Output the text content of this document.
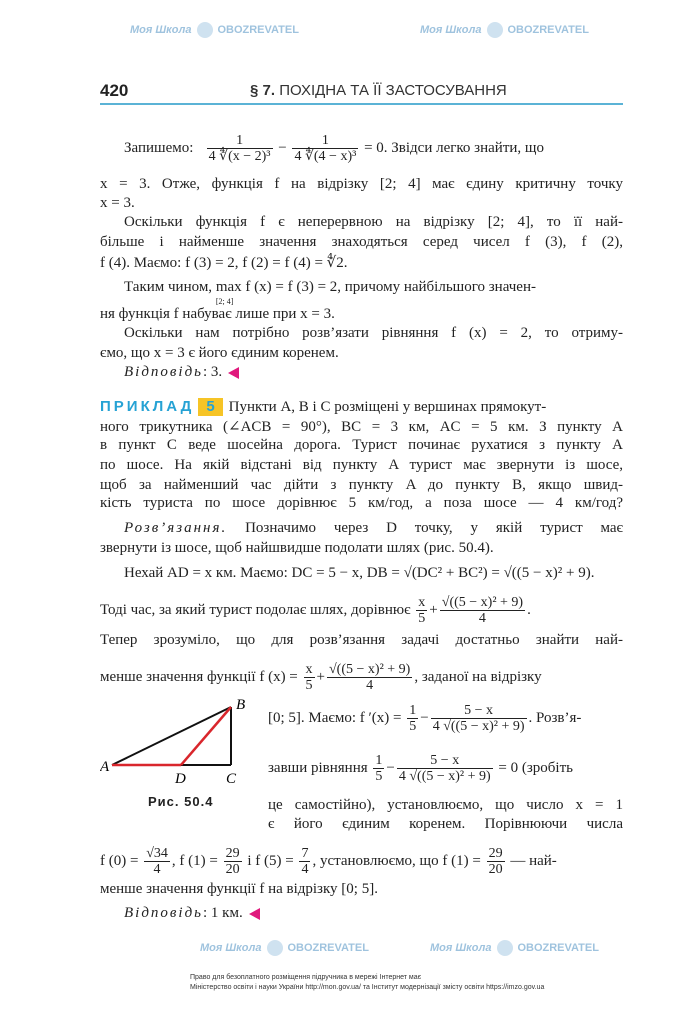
Моя Школа OBOZREVATEL	Моя Школа OBOZREVATEL
Моя Школа OBOZREVATEL	Моя Школа OBOZREVATEL
420	§ 7. ПОХІДНА ТА ЇЇ ЗАСТОСУВАННЯ
Запишемо: $\frac{1}{\text{4 ∜(x − 2)³}} - \frac{1}{\text{4 ∜(4 − x)³}} = 0$. Звідси легко знайти, що
x = 3. Отже, функція f на відрізку [2; 4] має єдину критичну точку
x = 3.
Оскільки функція f є неперервною на відрізку [2; 4], то її най-
більше і найменше значення знаходяться серед чисел f (3), f (2),
f (4). Маємо: f (3) = 2, f (2) = f (4) = ∜2.
Таким чином, max
[2; 4]
f (x) = f (3) = 2, причому найбільшого значен-
ня функція f набуває лише при x = 3.
Оскільки нам потрібно розв’язати рівняння f (x) = 2, то отриму-
ємо, що x = 3 є його єдиним коренем.
Відповідь: 3.
ПРИКЛАД 5 Пункти A, B і C розміщені у вершинах прямокут-
ного трикутника (∠ACB = 90°), BC = 3 км, AC = 5 км. З пункту A
в пункт C веде шосейна дорога. Турист починає рухатися з пункту A
по шосе. На якій відстані від пункту A турист має звернути із шосе,
щоб за найменший час дійти з пункту A до пункту B, якщо швид-
кість туриста по шосе дорівнює 5 км/год, а поза шосе — 4 км/год?
Розв’язання. Позначимо через D точку, у якій турист має
звернути із шосе, щоб найшвидше подолати шлях (рис. 50.4).
Нехай AD = x км. Маємо: DC = 5 − x, DB = √(DC² + BC²) = √((5 − x)² + 9).
Тоді час, за який турист подолає шлях, дорівнює $\frac{x}{5} + \frac{\text{√((5 − x)² + 9)}}{4}$ .
Тепер зрозуміло, що для розв’язання задачі достатньо знайти най-
менше значення функції f $(x) = \frac{x}{5} + \frac{\text{√((5 − x)² + 9)}}{4}$ , заданої на відрізку
A
B
C
D
Рис. 50.4
[0; 5]. Маємо: f $'(x) = \frac{1}{5} - \frac{5 - x}{\text{4 √((5 − x)² + 9)}}$ . Розв’я-
завши рівняння $\frac{1}{5} - \frac{5 - x}{\text{4 √((5 − x)² + 9)}} = 0$ (зробіть
це самостійно), установлюємо, що число x = 1
є його єдиним коренем. Порівнюючи числа
f $(0) = \frac{√34}{4}$ , f $(1) = \frac{29}{20}$ і f $(5) = \frac{7}{4}$ , установлюємо, що f $(1) = \frac{29}{20}$ — най-
менше значення функції f на відрізку [0; 5].
Відповідь: 1 км.
Право для безоплатного розміщення підручника в мережі Інтернет має
Міністерство освіти і науки України http://mon.gov.ua/ та Інститут модернізації змісту освіти https://imzo.gov.ua
